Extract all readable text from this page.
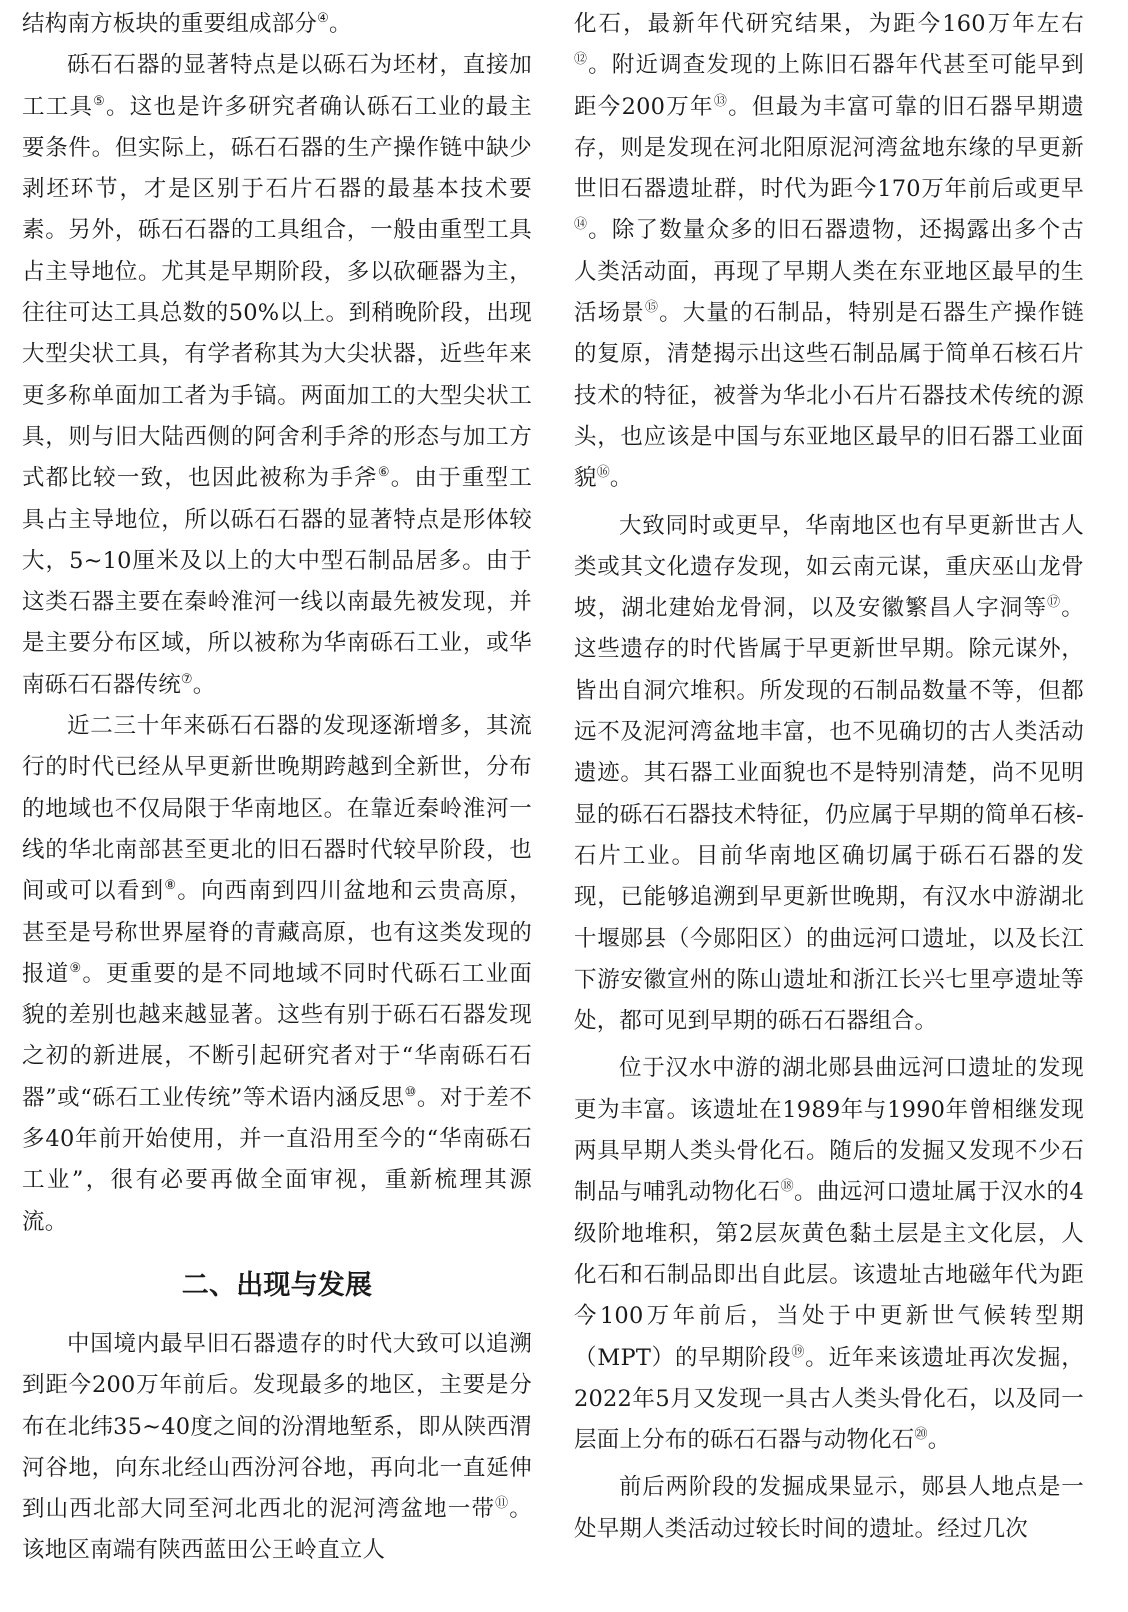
结构南方板块的重要组成部分④。

砾石石器的显著特点是以砾石为坯材，直接加工工具⑤。这也是许多研究者确认砾石工业的最主要条件。但实际上，砾石石器的生产操作链中缺少剥坯环节，才是区别于石片石器的最基本技术要素。另外，砾石石器的工具组合，一般由重型工具占主导地位。尤其是早期阶段，多以砍砸器为主，往往可达工具总数的50%以上。到稍晚阶段，出现大型尖状工具，有学者称其为大尖状器，近些年来更多称单面加工者为手镐。两面加工的大型尖状工具，则与旧大陆西侧的阿舍利手斧的形态与加工方式都比较一致，也因此被称为手斧⑥。由于重型工具占主导地位，所以砾石石器的显著特点是形体较大，5~10厘米及以上的大中型石制品居多。由于这类石器主要在秦岭淮河一线以南最先被发现，并是主要分布区域，所以被称为华南砾石工业，或华南砾石石器传统⑦。

近二三十年来砾石石器的发现逐渐增多，其流行的时代已经从早更新世晚期跨越到全新世，分布的地域也不仅局限于华南地区。在靠近秦岭淮河一线的华北南部甚至更北的旧石器时代较早阶段，也间或可以看到⑧。向西南到四川盆地和云贵高原，甚至是号称世界屋脊的青藏高原，也有这类发现的报道⑨。更重要的是不同地域不同时代砾石工业面貌的差别也越来越显著。这些有别于砾石石器发现之初的新进展，不断引起研究者对于“华南砾石石器”或“砾石工业传统”等术语内涵反思⑩。对于差不多40年前开始使用，并一直沿用至今的“华南砾石工业”，很有必要再做全面审视，重新梳理其源流。

二、出现与发展

中国境内最早旧石器遗存的时代大致可以追溯到距今200万年前后。发现最多的地区，主要是分布在北纬35~40度之间的汾渭地堑系，即从陕西渭河谷地，向东北经山西汾河谷地，再向北一直延伸到山西北部大同至河北西北的泥河湾盆地一带⑪。该地区南端有陕西蓝田公王岭直立人

化石，最新年代研究结果，为距今160万年左右⑫。附近调查发现的上陈旧石器年代甚至可能早到距今200万年⑬。但最为丰富可靠的旧石器早期遗存，则是发现在河北阳原泥河湾盆地东缘的早更新世旧石器遗址群，时代为距今170万年前后或更早⑭。除了数量众多的旧石器遗物，还揭露出多个古人类活动面，再现了早期人类在东亚地区最早的生活场景⑮。大量的石制品，特别是石器生产操作链的复原，清楚揭示出这些石制品属于简单石核石片技术的特征，被誉为华北小石片石器技术传统的源头，也应该是中国与东亚地区最早的旧石器工业面貌⑯。

大致同时或更早，华南地区也有早更新世古人类或其文化遗存发现，如云南元谋，重庆巫山龙骨坡，湖北建始龙骨洞，以及安徽繁昌人字洞等⑰。这些遗存的时代皆属于早更新世早期。除元谋外，皆出自洞穴堆积。所发现的石制品数量不等，但都远不及泥河湾盆地丰富，也不见确切的古人类活动遗迹。其石器工业面貌也不是特别清楚，尚不见明显的砾石石器技术特征，仍应属于早期的简单石核-石片工业。目前华南地区确切属于砾石石器的发现，已能够追溯到早更新世晚期，有汉水中游湖北十堰郧县（今郧阳区）的曲远河口遗址，以及长江下游安徽宣州的陈山遗址和浙江长兴七里亭遗址等处，都可见到早期的砾石石器组合。

位于汉水中游的湖北郧县曲远河口遗址的发现更为丰富。该遗址在1989年与1990年曾相继发现两具早期人类头骨化石。随后的发掘又发现不少石制品与哺乳动物化石⑱。曲远河口遗址属于汉水的4级阶地堆积，第2层灰黄色黏土层是主文化层，人化石和石制品即出自此层。该遗址古地磁年代为距今100万年前后，当处于中更新世气候转型期（MPT）的早期阶段⑲。近年来该遗址再次发掘，2022年5月又发现一具古人类头骨化石，以及同一层面上分布的砾石石器与动物化石⑳。

前后两阶段的发掘成果显示，郧县人地点是一处早期人类活动过较长时间的遗址。经过几次
